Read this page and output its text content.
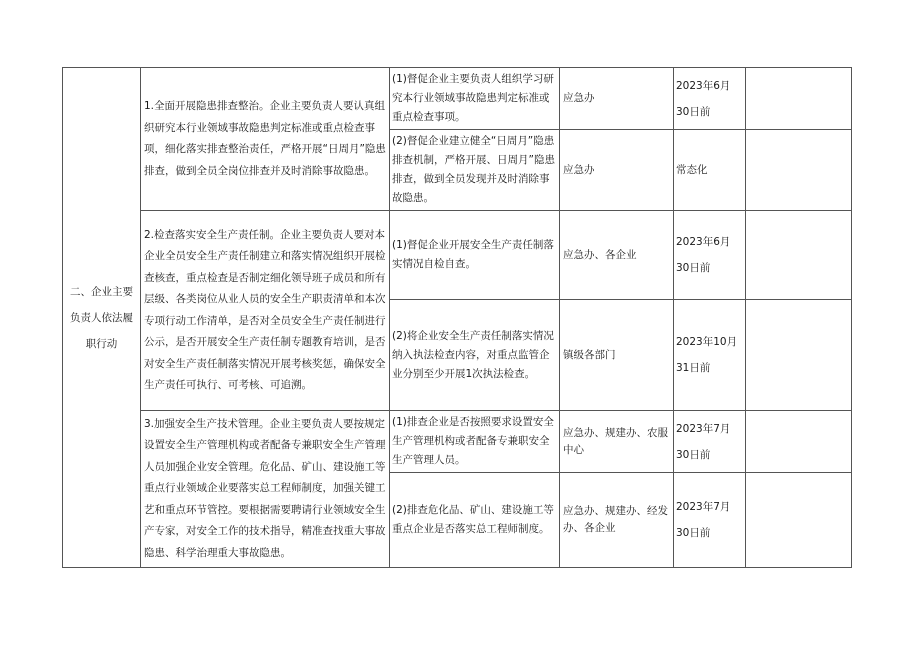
二、企业主要负责人依法履职行动	1.全面开展隐患排查整治。企业主要负责人要认真组织研究本行业领域事故隐患判定标准或重点检查事项，细化落实排查整治责任，严格开展“日周月”隐患排查，做到全员全岗位排查并及时消除事故隐患。	(1)督促企业主要负责人组织学习研究本行业领域事故隐患判定标准或重点检查事项。	应急办	2023年6月30日前	
		(2)督促企业建立健全“日周月”隐患排查机制，严格开展、日周月”隐患排查，做到全员发现并及时消除事故隐患。	应急办	常态化	
	2.检查落实安全生产责任制。企业主要负责人要对本企业全员安全生产责任制建立和落实情况组织开展检查核查，重点检查是否制定细化领导班子成员和所有层级、各类岗位从业人员的安全生产职责清单和本次专项行动工作清单，是否对全员安全生产责任制进行公示，是否开展安全生产责任制专题教育培训，是否对安全生产责任制落实情况开展考核奖惩，确保安全生产责任可执行、可考核、可追溯。	(1)督促企业开展安全生产责任制落实情况自检自查。	应急办、各企业	2023年6月30日前	
		(2)将企业安全生产责任制落实情况纳入执法检查内容，对重点监管企业分别至少开展1次执法检查。	镇级各部门	2023年10月31日前	
	3.加强安全生产技术管理。企业主要负责人要按规定设置安全生产管理机构或者配备专兼职安全生产管理人员加强企业安全管理。危化品、矿山、建设施工等重点行业领域企业要落实总工程师制度，加强关键工艺和重点环节管控。要根据需要聘请行业领域安全生产专家，对安全工作的技术指导，精准查找重大事故隐患、科学治理重大事故隐患。	(1)排查企业是否按照要求设置安全生产管理机构或者配备专兼职安全生产管理人员。	应急办、规建办、农服中心	2023年7月30日前	
		(2)排查危化品、矿山、建设施工等重点企业是否落实总工程师制度。	应急办、规建办、经发办、各企业	2023年7月30日前	
